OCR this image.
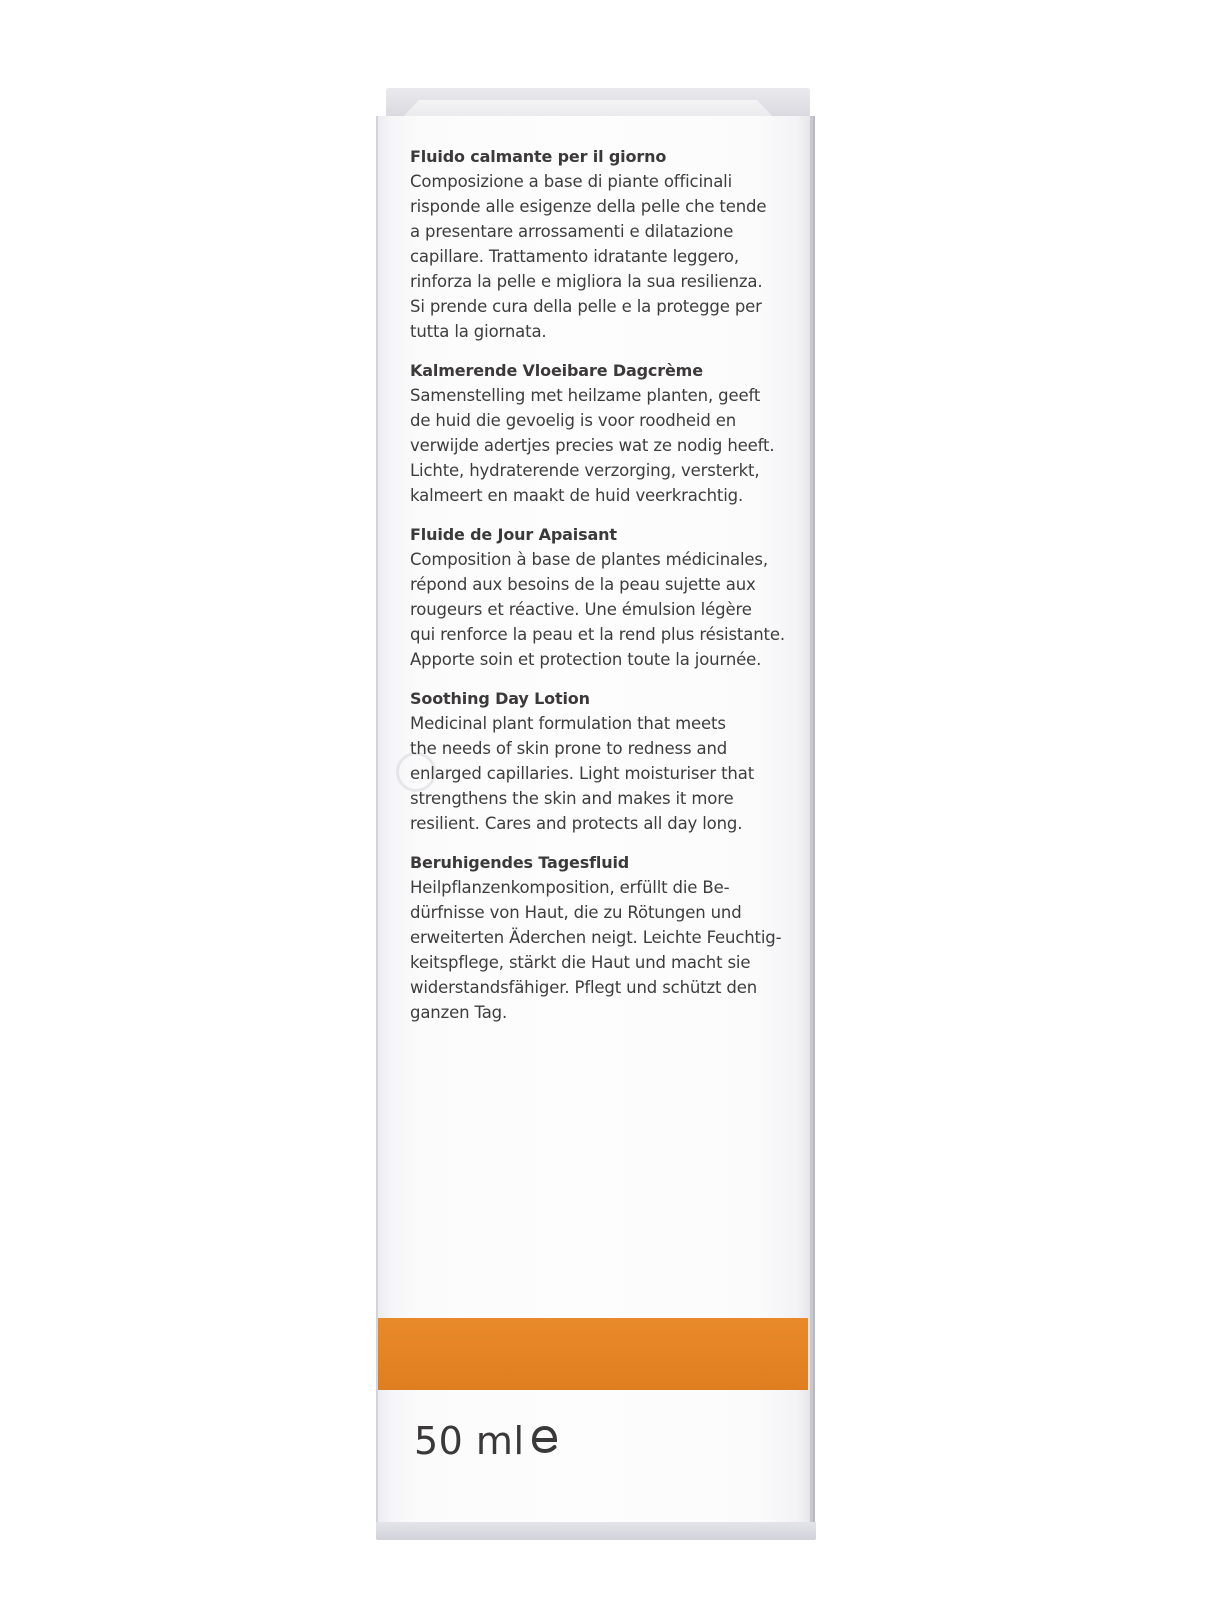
Fluido calmante per il giorno
Composizione a base di piante officinali
risponde alle esigenze della pelle che tende
a presentare arrossamenti e dilatazione
capillare. Trattamento idratante leggero,
rinforza la pelle e migliora la sua resilienza.
Si prende cura della pelle e la protegge per
tutta la giornata.
Kalmerende Vloeibare Dagcrème
Samenstelling met heilzame planten, geeft
de huid die gevoelig is voor roodheid en
verwijde adertjes precies wat ze nodig heeft.
Lichte, hydraterende verzorging, versterkt,
kalmeert en maakt de huid veerkrachtig.
Fluide de Jour Apaisant
Composition à base de plantes médicinales,
répond aux besoins de la peau sujette aux
rougeurs et réactive. Une émulsion légère
qui renforce la peau et la rend plus résistante.
Apporte soin et protection toute la journée.
Soothing Day Lotion
Medicinal plant formulation that meets
the needs of skin prone to redness and
enlarged capillaries. Light moisturiser that
strengthens the skin and makes it more
resilient. Cares and protects all day long.
Beruhigendes Tagesfluid
Heilpflanzenkomposition, erfüllt die Be-
dürfnisse von Haut, die zu Rötungen und
erweiterten Äderchen neigt. Leichte Feuchtig-
keitspflege, stärkt die Haut und macht sie
widerstandsfähiger. Pflegt und schützt den
ganzen Tag.
50 ml
